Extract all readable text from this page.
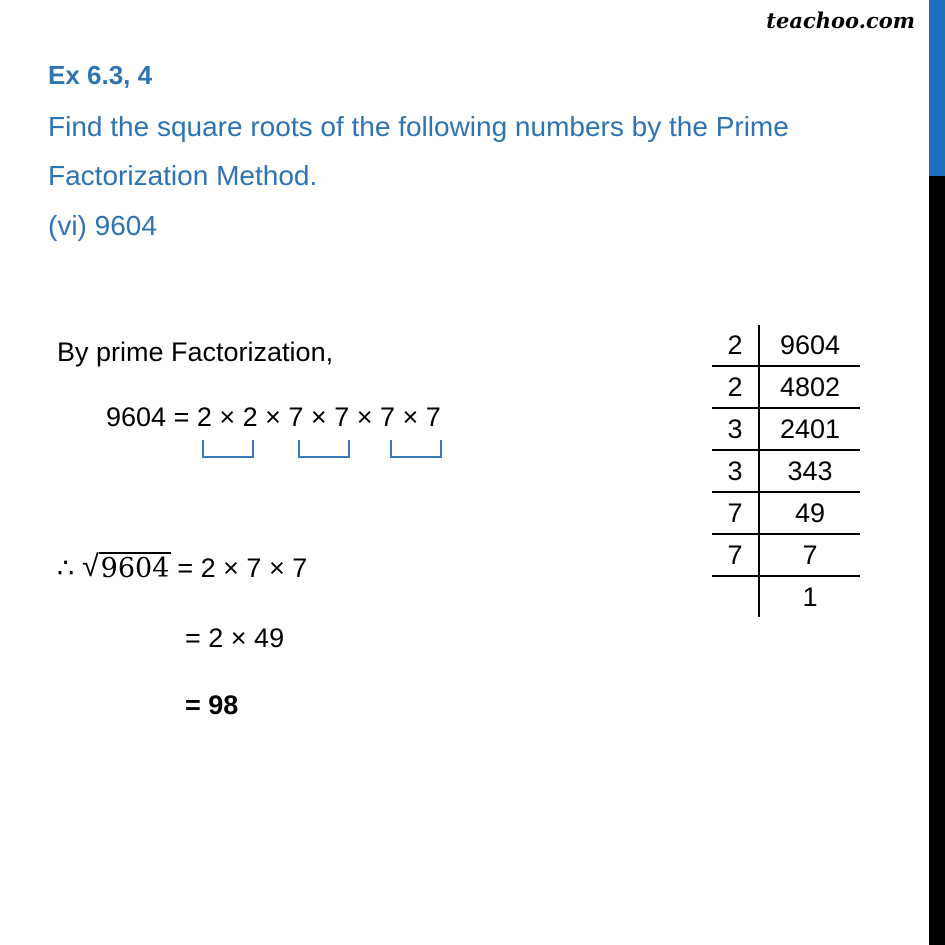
teachoo.com
Ex 6.3, 4
Find the square roots of the following numbers by the Prime
Factorization Method.
(vi) 9604
By prime Factorization,
9604 = 2 × 2 × 7 × 7 × 7 × 7
∴ √ 9604 = 2 × 7 × 7
= 2 × 49
= 98
2	9604
2	4802
3	2401
3	343
7	49
7	7
	1
